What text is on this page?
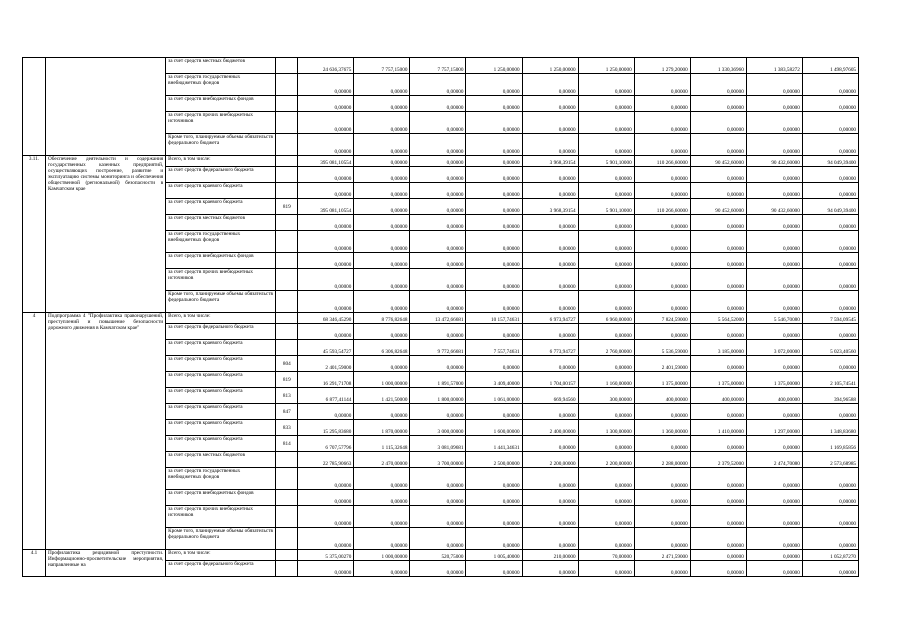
		за счет средств местных бюджетов		24 636,37675	7 757,15000	7 757,15000	1 250,00000	1 250,00000	1 250,00000	1 279,20000	1 330,36960	1 383,58272	1 498,97605
		за счет средств государственных внебюджетных фондов		0,00000	0,00000	0,00000	0,00000	0,00000	0,00000	0,00000	0,00000	0,00000	0,00000
		за счет средств внебюджетных фондов		0,00000	0,00000	0,00000	0,00000	0,00000	0,00000	0,00000	0,00000	0,00000	0,00000
		за счет средств прочих внебюджетных источников		0,00000	0,00000	0,00000	0,00000	0,00000	0,00000	0,00000	0,00000	0,00000	0,00000
		Кроме того, планируемые объемы обязательств федерального бюджета		0,00000	0,00000	0,00000	0,00000	0,00000	0,00000	0,00000	0,00000	0,00000	0,00000
3.11.	Обеспечение деятельности и содержания государственных казенных предприятий, осуществляющих построение, развитие и эксплуатацию системы мониторинга и обеспечения общественной (региональной) безопасности в Камчатском крае	Всего, в том числе:		395 081,10554	0,00000	0,00000	0,00000	3 968,39154	5 901,10000	110 266,60000	90 452,60000	90 432,60000	94 049,39400
		за счет средств федерального бюджета		0,00000	0,00000	0,00000	0,00000	0,00000	0,00000	0,00000	0,00000	0,00000	0,00000
		за счет средств краевого бюджета		0,00000	0,00000	0,00000	0,00000	0,00000	0,00000	0,00000	0,00000	0,00000	0,00000
		за счет средств краевого бюджета	819	395 081,10554	0,00000	0,00000	0,00000	3 968,39154	5 901,10000	110 266,60000	90 452,60000	90 432,60000	94 049,39400
		за счет средств местных бюджетов		0,00000	0,00000	0,00000	0,00000	0,00000	0,00000	0,00000	0,00000	0,00000	0,00000
		за счет средств государственных внебюджетных фондов		0,00000	0,00000	0,00000	0,00000	0,00000	0,00000	0,00000	0,00000	0,00000	0,00000
		за счет средств внебюджетных фондов		0,00000	0,00000	0,00000	0,00000	0,00000	0,00000	0,00000	0,00000	0,00000	0,00000
		за счет средств прочих внебюджетных источников		0,00000	0,00000	0,00000	0,00000	0,00000	0,00000	0,00000	0,00000	0,00000	0,00000
		Кроме того, планируемые объемы обязательств федерального бюджета		0,00000	0,00000	0,00000	0,00000	0,00000	0,00000	0,00000	0,00000	0,00000	0,00000
4	Подпрограмма 4 "Профилактика правонарушений, преступлений и повышение безопасности дорожного движения в Камчатском крае"	Всего, в том числе:		68 346,45290	8 776,82648	13 472,66681	10 157,74631	6 973,94727	6 960,00000	7 824,59000	5 564,52000	5 546,70080	7 594,09545
		за счет средств федерального бюджета		0,00000	0,00000	0,00000	0,00000	0,00000	0,00000	0,00000	0,00000	0,00000	0,00000
		за счет средств краевого бюджета		45 593,54727	6 306,82648	9 772,66681	7 557,74631	6 773,94727	2 760,00000	5 536,59000	3 185,00000	3 072,00000	5 023,40560
		за счет средств краевого бюджета	804	2 401,59000	0,00000	0,00000	0,00000	0,00000	0,00000	2 401,59000	0,00000	0,00000	0,00000
		за счет средств краевого бюджета	819	16 291,71708	1 000,00000	1 891,57000	3 409,40000	1 704,00157	1 160,00000	1 375,00000	1 375,00000	1 375,00000	2 105,74541
		за счет средств краевого бюджета	813	6 877,41144	1 421,50000	1 800,00000	1 061,00000	669,94560	300,00000	400,00000	400,00000	400,00000	394,96588
		за счет средств краевого бюджета	847	0,00000	0,00000	0,00000	0,00000	0,00000	0,00000	0,00000	0,00000	0,00000	0,00000
		за счет средств краевого бюджета	833	15 295,83680	1 870,00000	3 000,00000	1 600,00000	2 400,00000	1 300,00000	1 360,00000	1 410,00000	1 297,00000	1 348,83680
		за счет средств краевого бюджета	814	6 707,57796	1 115,32648	3 081,09681	1 441,34631	0,00000	0,00000	0,00000	0,00000	0,00000	1 169,85856
		за счет средств местных бюджетов		22 785,90663	2 470,00000	3 700,00000	2 500,00000	2 200,00000	2 200,00000	2 288,00000	2 379,52000	2 474,70080	2 573,68985
		за счет средств государственных внебюджетных фондов		0,00000	0,00000	0,00000	0,00000	0,00000	0,00000	0,00000	0,00000	0,00000	0,00000
		за счет средств внебюджетных фондов		0,00000	0,00000	0,00000	0,00000	0,00000	0,00000	0,00000	0,00000	0,00000	0,00000
		за счет средств прочих внебюджетных источников		0,00000	0,00000	0,00000	0,00000	0,00000	0,00000	0,00000	0,00000	0,00000	0,00000
		Кроме того, планируемые объемы обязательств федерального бюджета		0,00000	0,00000	0,00000	0,00000	0,00000	0,00000	0,00000	0,00000	0,00000	0,00000
4.1	Профилактика рецидивной преступности. Информационно-просветительские мероприятия, направленные на	Всего, в том числе:		5 375,00270	1 000,00000	520,75000	1 005,40000	210,00000	70,00000	2 471,59000	0,00000	0,00000	1 052,87270
		за счет средств федерального бюджета		0,00000	0,00000	0,00000	0,00000	0,00000	0,00000	0,00000	0,00000	0,00000	0,00000
